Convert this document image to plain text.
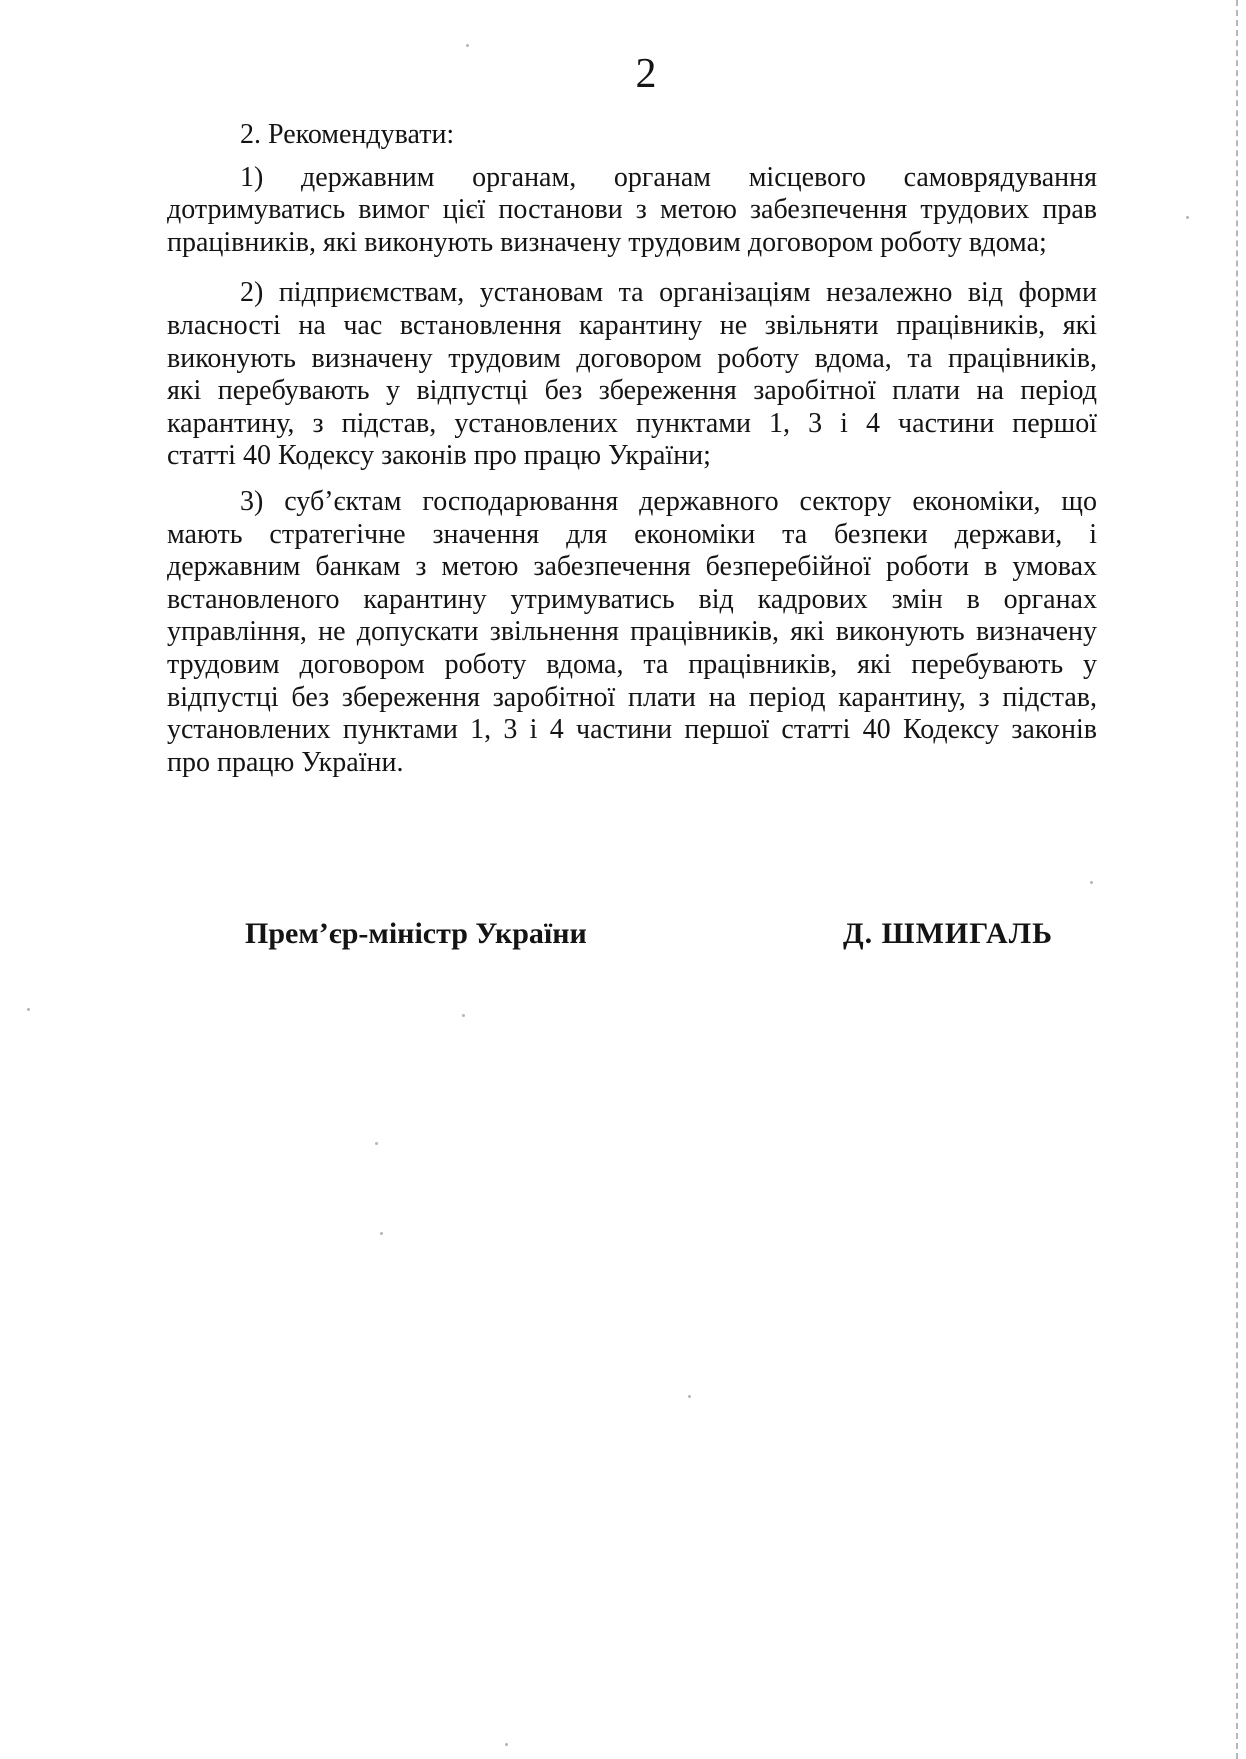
2
2. Рекомендувати:
1) державним органам, органам місцевого самоврядування
дотримуватись вимог цієї постанови з метою забезпечення трудових прав
працівників, які виконують визначену трудовим договором роботу вдома;
2) підприємствам, установам та організаціям незалежно від форми
власності на час встановлення карантину не звільняти працівників, які
виконують визначену трудовим договором роботу вдома, та працівників,
які перебувають у відпустці без збереження заробітної плати на період
карантину, з підстав, установлених пунктами 1, 3 і 4 частини першої
статті 40 Кодексу законів про працю України;
3) суб’єктам господарювання державного сектору економіки, що
мають стратегічне значення для економіки та безпеки держави, і
державним банкам з метою забезпечення безперебійної роботи в умовах
встановленого карантину утримуватись від кадрових змін в органах
управління, не допускати звільнення працівників, які виконують визначену
трудовим договором роботу вдома, та працівників, які перебувають у
відпустці без збереження заробітної плати на період карантину, з підстав,
установлених пунктами 1, 3 і 4 частини першої статті 40 Кодексу законів
про працю України.
Прем’єр-міністр України	Д. ШМИГАЛЬ
